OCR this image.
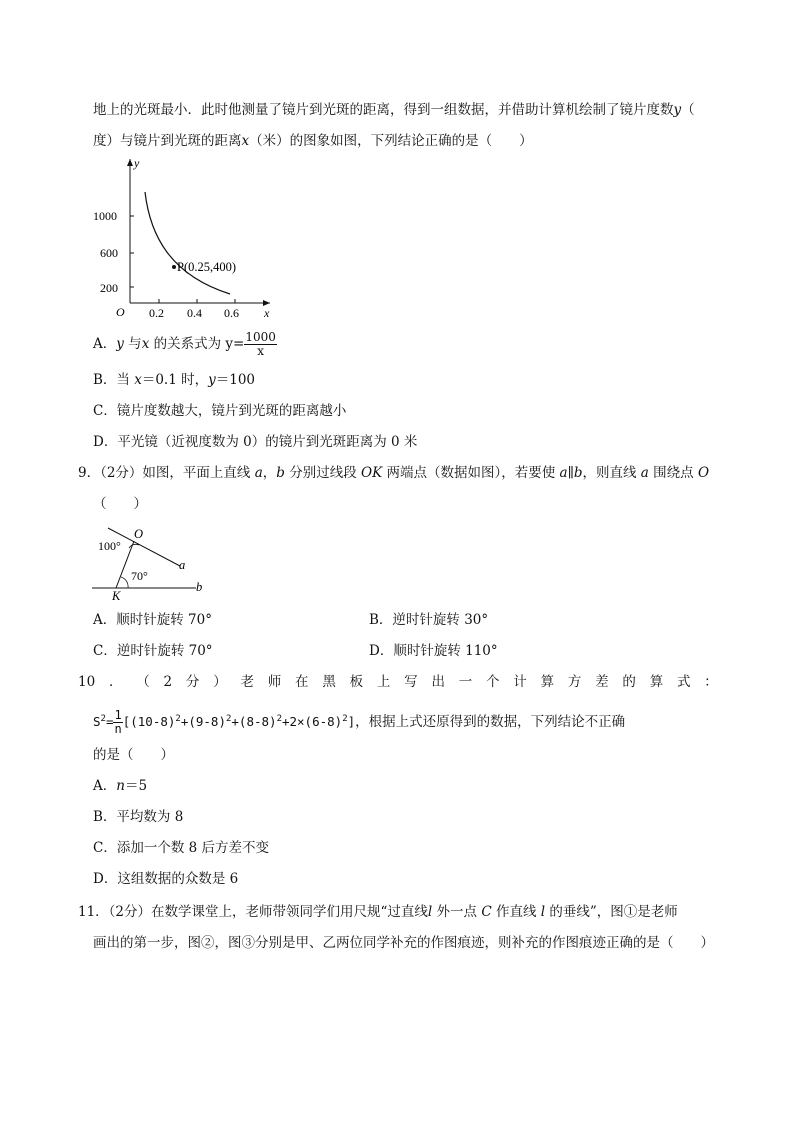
地上的光斑最小．此时他测量了镜片到光斑的距离，得到一组数据，并借助计算机绘制了镜片度数y（
度）与镜片到光斑的距离x（米）的图象如图，下列结论正确的是（　　）
y
x
O
1000
600
200
0.2 0.4 0.6
P(0.25,400)
A．y 与x 的关系式为 $y= \frac{1000}{x}$
B．当 x＝0.1 时，y＝100
C．镜片度数越大，镜片到光斑的距离越小
D．平光镜（近视度数为 0）的镜片到光斑距离为 0 米
9．（2分）如图，平面上直线 a，b 分别过线段 OK 两端点（数据如图），若要使 a∥b，则直线 a 围绕点 O
（　　）
100°
70°
O
K
a
b
A．顺时针旋转 70°	B．逆时针旋转 30°
C．逆时针旋转 70°	D．顺时针旋转 110°
10 ． （ 2 分 ） 老 师 在 黑 板 上 写 出 一 个 计 算 方 差 的 算 式 ：
$S^2= \frac{1}{n} [(10-8)^2+(9-8)^2+(8-8)^2+2\times(6-8)^2]$，根据上式还原得到的数据，下列结论不正确
的是（　　）
A．n＝5
B．平均数为 8
C．添加一个数 8 后方差不变
D．这组数据的众数是 6
11．（2分）在数学课堂上，老师带领同学们用尺规“过直线l 外一点 C 作直线 l 的垂线”，图①是老师
画出的第一步，图②，图③分别是甲、乙两位同学补充的作图痕迹，则补充的作图痕迹正确的是（　　）
